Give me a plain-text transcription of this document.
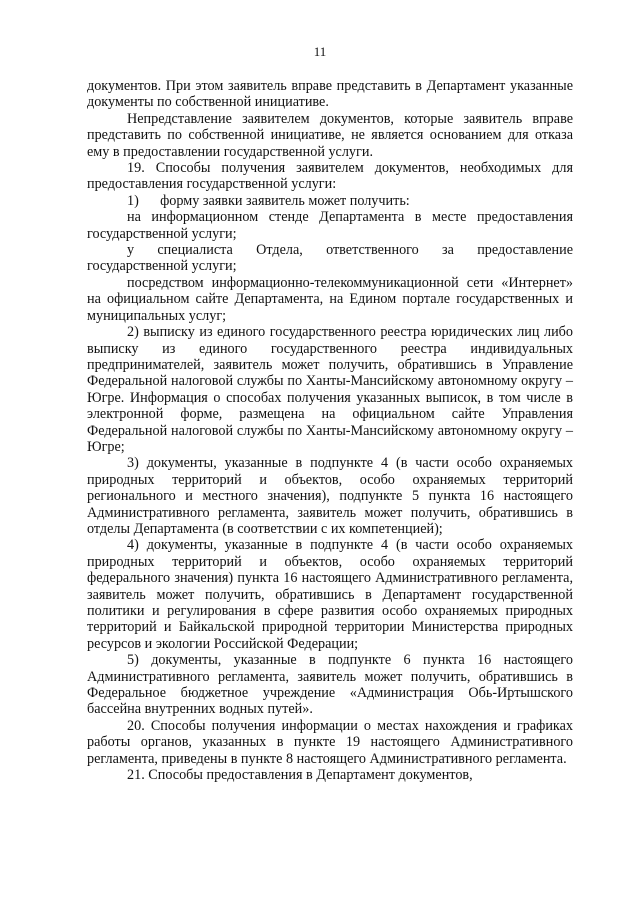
11

документов. При этом заявитель вправе представить в Департамент указанные документы по собственной инициативе.

Непредставление заявителем документов, которые заявитель вправе представить по собственной инициативе, не является основанием для отказа ему в предоставлении государственной услуги.

19. Способы получения заявителем документов, необходимых для предоставления государственной услуги:

1)      форму заявки заявитель может получить:

на информационном стенде Департамента в месте предоставления государственной услуги;

у специалиста Отдела, ответственного за предоставление государственной услуги;

посредством информационно-телекоммуникационной сети «Интернет» на официальном сайте Департамента, на Едином портале государственных и муниципальных услуг;

2) выписку из единого государственного реестра юридических лиц либо выписку из единого государственного реестра индивидуальных предпринимателей, заявитель может получить, обратившись в Управление Федеральной налоговой службы по Ханты-Мансийскому автономному округу – Югре. Информация о способах получения указанных выписок, в том числе в электронной форме, размещена на официальном сайте Управления Федеральной налоговой службы по Ханты-Мансийскому автономному округу – Югре;

3) документы, указанные в подпункте 4 (в части особо охраняемых природных территорий и объектов, особо охраняемых территорий регионального и местного значения), подпункте 5 пункта 16 настоящего Административного регламента, заявитель может получить, обратившись в отделы Департамента (в соответствии с их компетенцией);

4) документы, указанные в подпункте 4 (в части особо охраняемых природных территорий и объектов, особо охраняемых территорий федерального значения) пункта 16 настоящего Административного регламента, заявитель может получить, обратившись в Департамент государственной политики и регулирования в сфере развития особо охраняемых природных территорий и Байкальской природной территории Министерства природных ресурсов и экологии Российской Федерации;

5) документы, указанные в подпункте 6 пункта 16 настоящего Административного регламента, заявитель может получить, обратившись в Федеральное бюджетное учреждение «Администрация Обь-Иртышского бассейна внутренних водных путей».

20. Способы получения информации о местах нахождения и графиках работы органов, указанных в пункте 19 настоящего Административного регламента, приведены в пункте 8 настоящего Административного регламента.

21. Способы предоставления в Департамент документов,
